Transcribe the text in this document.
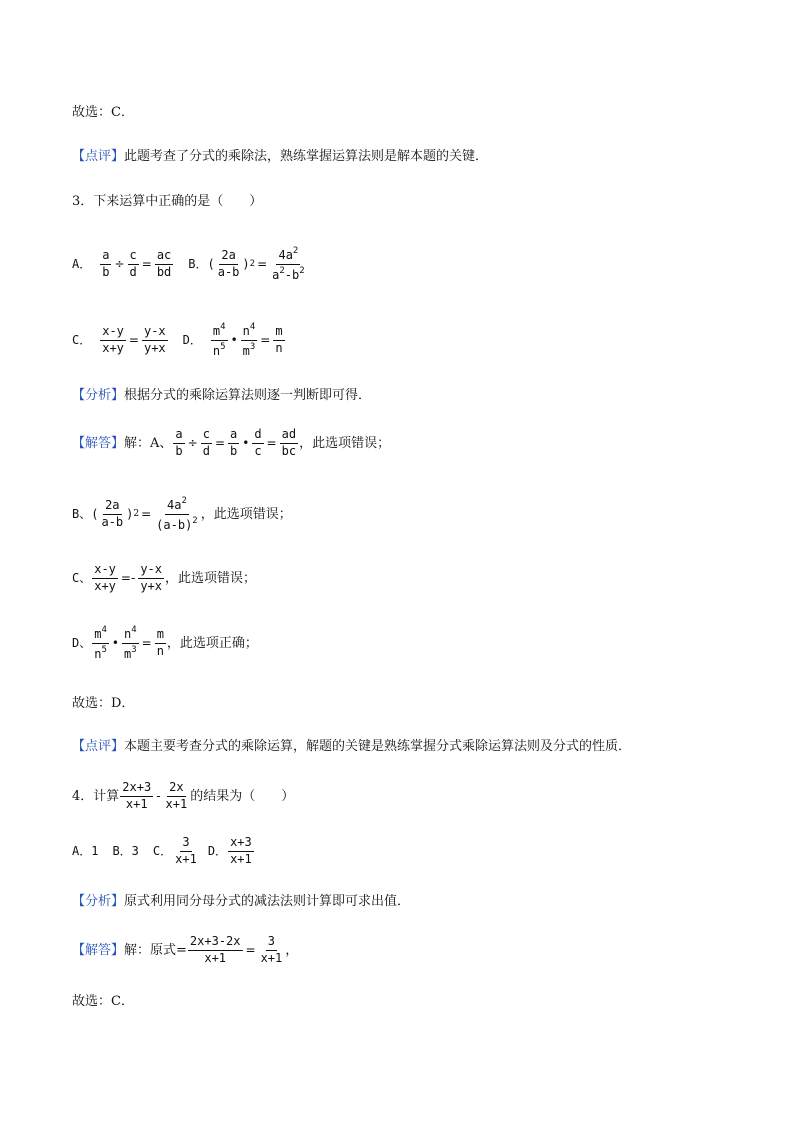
故选：C．
【点评】 此题考查了分式的乘除法，熟练掌握运算法则是解本题的关键．
3．下来运算中正确的是（　　）
A． $\frac{a}{b} \div \frac{c}{d} = \frac{ac}{bd}$ B．( $\frac{2a}{a-b}$ ) $2 = \frac{4a^2}{a^2-b^2}$
C． $\frac{x-y}{x+y} = \frac{y-x}{y+x}$ D． $\frac{m^4}{n^5}$ • $\frac{n^4}{m^3} = \frac{m}{n}$
【分析】 根据分式的乘除运算法则逐一判断即可得．
【解答】 解：A、 $\frac{a}{b} \div \frac{c}{d} = \frac{a}{b}$ • $\frac{d}{c} = \frac{ad}{bc}$ ，此选项错误；
B、( $\frac{2a}{a-b}$ ) $2 = \frac{4a^2}{(a-b)^2}$ ，此选项错误；
C、 $\frac{x-y}{x+y} =- \frac{y-x}{y+x}$ ，此选项错误；
D、 $\frac{m^4}{n^5}$ • $\frac{n^4}{m^3} = \frac{m}{n}$ ，此选项正确；
故选：D．
【点评】 本题主要考查分式的乘除运算，解题的关键是熟练掌握分式乘除运算法则及分式的性质．
4．计算 $\frac{2x+3}{x+1} - \frac{2x}{x+1}$ 的结果为（　　）
A．1 B．3 C． $\frac{3}{x+1}$ D． $\frac{x+3}{x+1}$
【分析】 原式利用同分母分式的减法法则计算即可求出值．
【解答】 解：原式= $\frac{2x+3-2x}{x+1} = \frac{3}{x+1}$ ，
故选：C．
